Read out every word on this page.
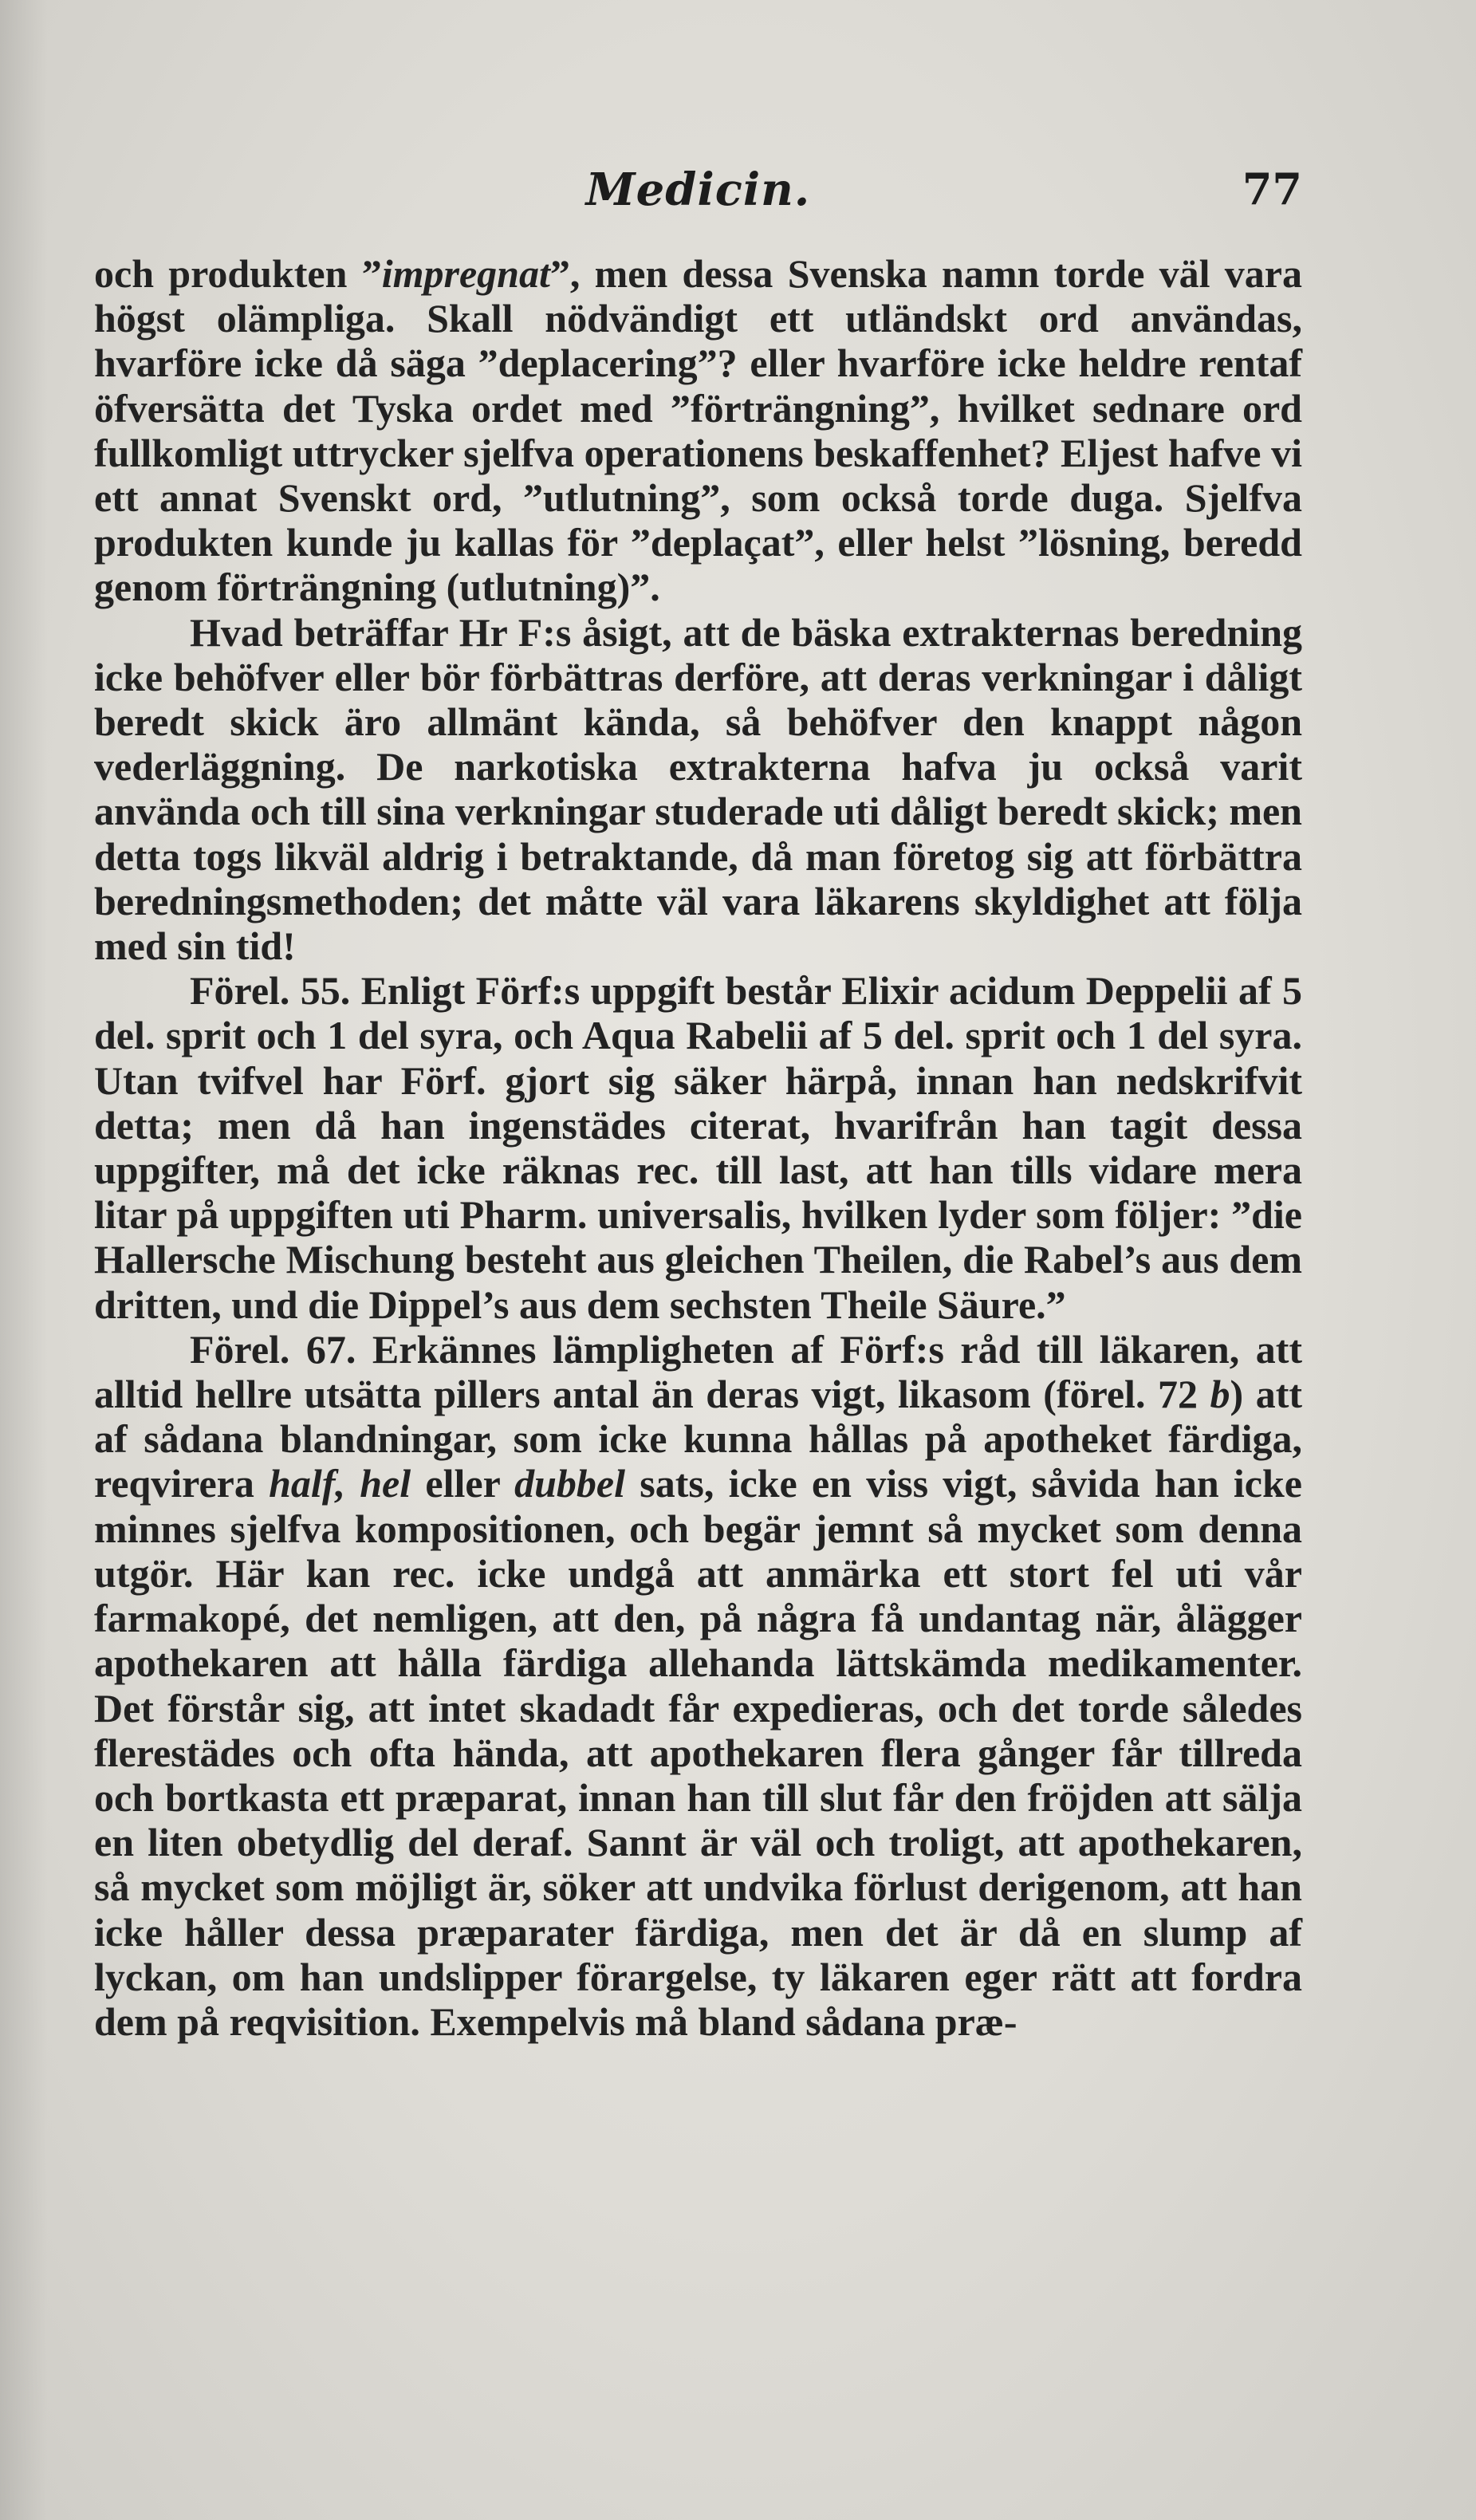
Medicin.	77

och produkten ”impregnat”, men dessa Svenska namn torde väl vara högst olämpliga. Skall nödvändigt ett utländskt ord användas, hvarföre icke då säga ”deplacering”? eller hvarföre icke heldre rentaf öfversätta det Tyska ordet med ”förträngning”, hvilket sednare ord fullkomligt uttrycker sjelfva operationens beskaffenhet? Eljest hafve vi ett annat Svenskt ord, ”utlutning”, som också torde duga. Sjelfva produkten kunde ju kallas för ”deplaçat”, eller helst ”lösning, beredd genom förträngning (utlutning)”.

Hvad beträffar Hr F:s åsigt, att de bäska extrakternas beredning icke behöfver eller bör förbättras derföre, att deras verkningar i dåligt beredt skick äro allmänt kända, så behöfver den knappt någon vederläggning. De narkotiska extrakterna hafva ju också varit använda och till sina verkningar studerade uti dåligt beredt skick; men detta togs likväl aldrig i betraktande, då man företog sig att förbättra beredningsmethoden; det måtte väl vara läkarens skyldighet att följa med sin tid!

Förel. 55. Enligt Förf:s uppgift består Elixir acidum Deppelii af 5 del. sprit och 1 del syra, och Aqua Rabelii af 5 del. sprit och 1 del syra. Utan tvifvel har Förf. gjort sig säker härpå, innan han nedskrifvit detta; men då han ingenstädes citerat, hvarifrån han tagit dessa uppgifter, må det icke räknas rec. till last, att han tills vidare mera litar på uppgiften uti Pharm. universalis, hvilken lyder som följer: ”die Hallersche Mischung besteht aus gleichen Theilen, die Rabel’s aus dem dritten, und die Dippel’s aus dem sechsten Theile Säure.”

Förel. 67. Erkännes lämpligheten af Förf:s råd till läkaren, att alltid hellre utsätta pillers antal än deras vigt, likasom (förel. 72 b) att af sådana blandningar, som icke kunna hållas på apotheket färdiga, reqvirera half, hel eller dubbel sats, icke en viss vigt, såvida han icke minnes sjelfva kompositionen, och begär jemnt så mycket som denna utgör. Här kan rec. icke undgå att anmärka ett stort fel uti vår farmakopé, det nemligen, att den, på några få undantag när, ålägger apothekaren att hålla färdiga allehanda lättskämda medikamenter. Det förstår sig, att intet skadadt får expedieras, och det torde således flerestädes och ofta hända, att apothekaren flera gånger får tillreda och bortkasta ett præparat, innan han till slut får den fröjden att sälja en liten obetydlig del deraf. Sannt är väl och troligt, att apothekaren, så mycket som möjligt är, söker att undvika förlust derigenom, att han icke håller dessa præparater färdiga, men det är då en slump af lyckan, om han undslipper förargelse, ty läkaren eger rätt att fordra dem på reqvisition. Exempelvis må bland sådana præ-
